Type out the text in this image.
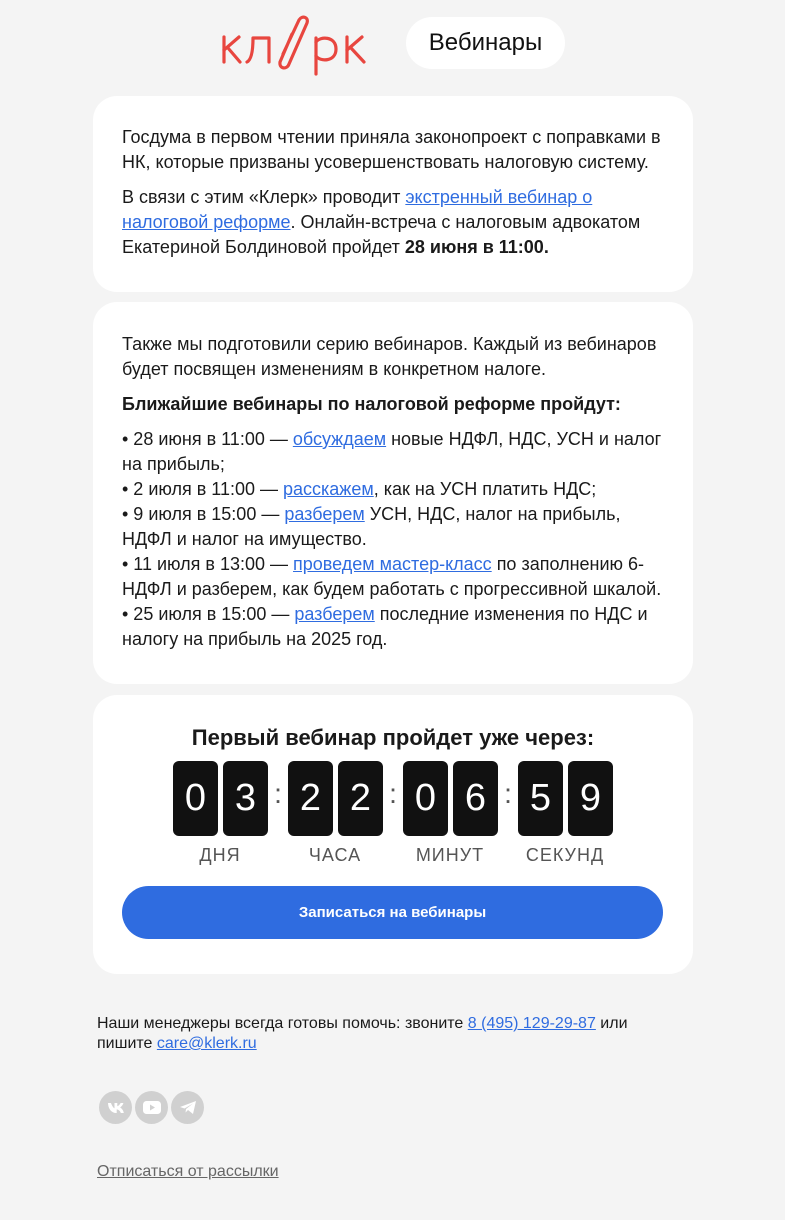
Вебинары

Госдума в первом чтении приняла законопроект с поправками в НК, которые призваны усовершенствовать налоговую систему.

В связи с этим «Клерк» проводит экстренный вебинар о налоговой реформе. Онлайн-встреча с налоговым адвокатом Екатериной Болдиновой пройдет 28 июня в 11:00.

Также мы подготовили серию вебинаров. Каждый из вебинаров будет посвящен изменениям в конкретном налоге.

Ближайшие вебинары по налоговой реформе пройдут:

• 28 июня в 11:00 — обсуждаем новые НДФЛ, НДС, УСН и налог на прибыль;
• 2 июля в 11:00 — расскажем, как на УСН платить НДС;
• 9 июля в 15:00 — разберем УСН, НДС, налог на прибыль, НДФЛ и налог на имущество.
• 11 июля в 13:00 — проведем мастер-класс по заполнению 6-НДФЛ и разберем, как будем работать с прогрессивной шкалой.
• 25 июля в 15:00 — разберем последние изменения по НДС и налогу на прибыль на 2025 год.
Первый вебинар пройдет уже через:
0 3 : 2 2 : 0 6 : 5 9
ДНЯ	ЧАСА	МИНУТ	СЕКУНД
Записаться на вебинары
Наши менеджеры всегда готовы помочь: звоните 8 (495) 129-29-87 или пишите care@klerk.ru
Отписаться от рассылки
